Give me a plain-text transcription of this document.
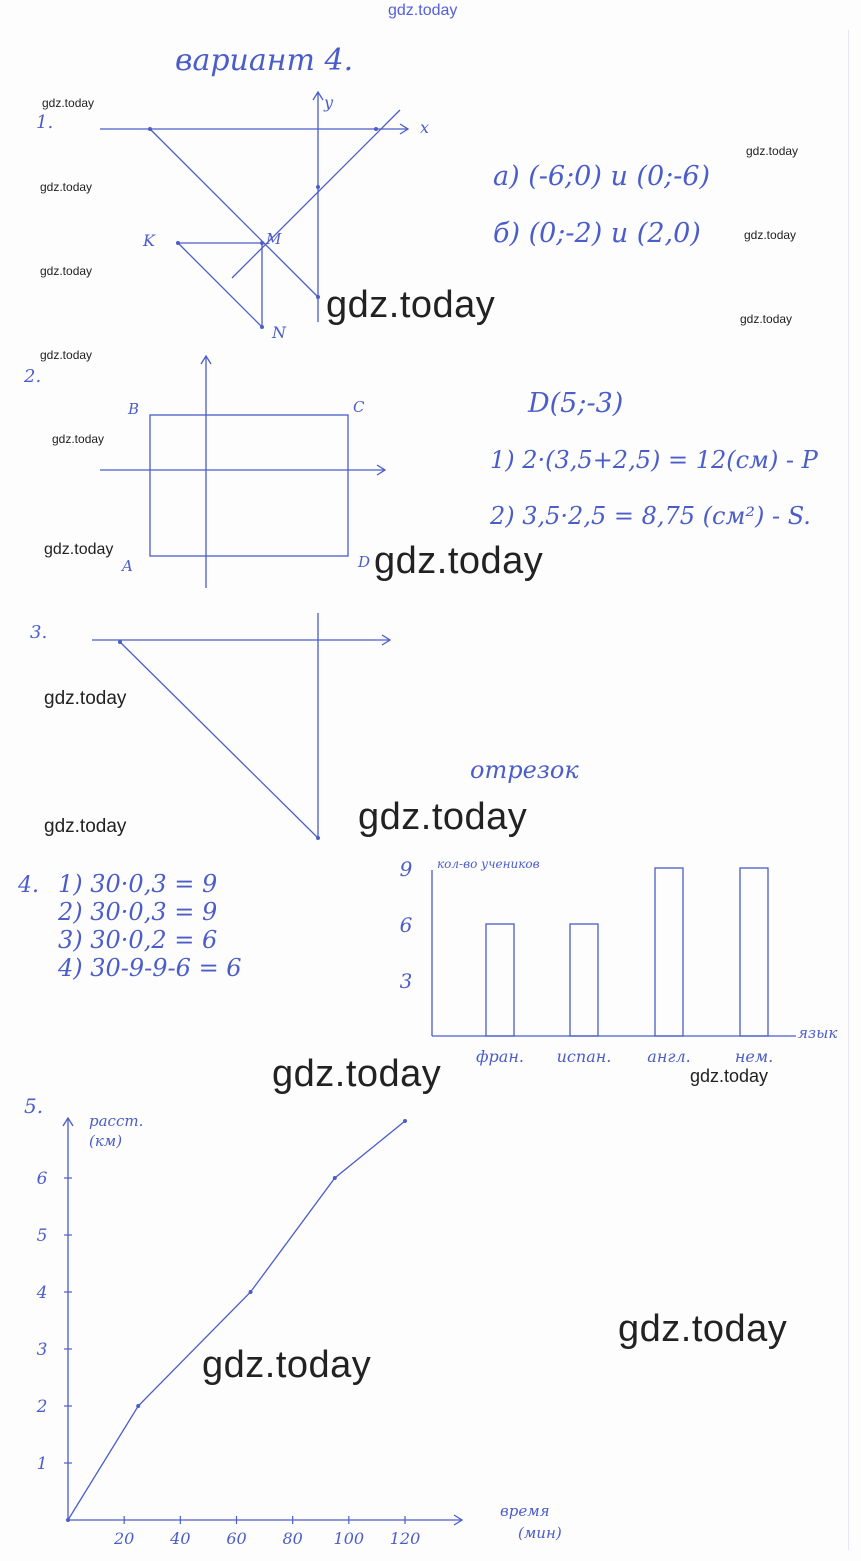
gdz.today
вариант 4.
1.	x
y
K	M
N
а) (-6;0) и (0;-6)
б) (0;-2) и (2,0)
2.
B	C
A	D
D(5;-3)
1) 2·(3,5+2,5) = 12(см) - P
2) 3,5·2,5 = 8,75 (см²) - S.
3.
отрезок
4. 1) 30·0,3 = 9
2) 30·0,3 = 9
3) 30·0,2 = 6
4) 30-9-9-6 = 6
кол-во учеников
язык
фран. испан. англ.	нем.
3
6
9
5.
расст.
(км)
время
(мин)
20 40 60 80 100 120
1
2
3
4
5
6
gdz.today
gdz.today
gdz.today
gdz.today
gdz.today
gdz.today
gdz.today
gdz.today
gdz.today
gdz.today	gdz.today
gdz.today
gdz.today	gdz.today
gdz.today	gdz.today
gdz.today
gdz.today
